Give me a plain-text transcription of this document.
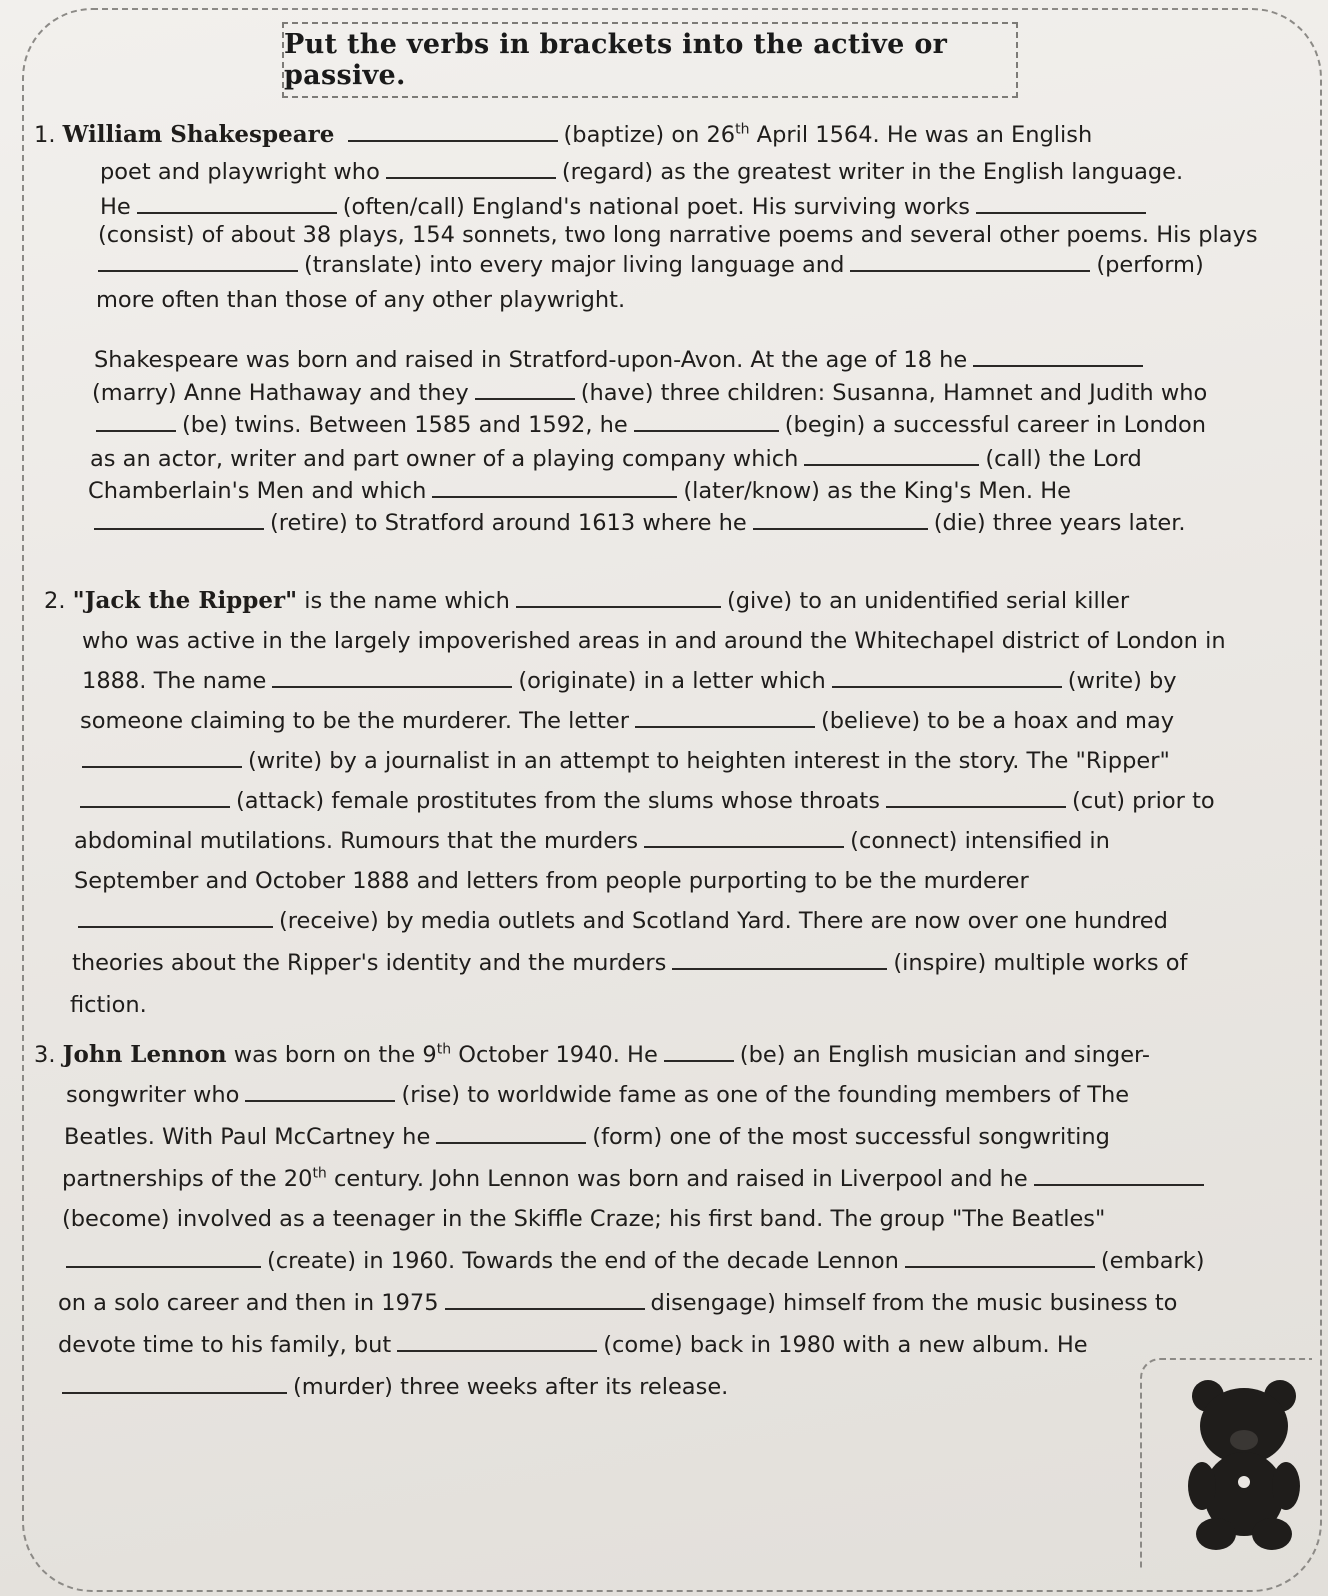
Put the verbs in brackets into the active or passive.
1. William Shakespeare	(baptize) on 26th April 1564. He was an English
poet and playwright who	(regard) as the greatest writer in the English language.
He	(often/call) England's national poet. His surviving works
(consist) of about 38 plays, 154 sonnets, two long narrative poems and several other poems. His plays
(translate) into every major living language and	(perform)
more often than those of any other playwright.
Shakespeare was born and raised in Stratford-upon-Avon. At the age of 18 he
(marry) Anne Hathaway and they	(have) three children: Susanna, Hamnet and Judith who
(be) twins. Between 1585 and 1592, he	(begin) a successful career in London
as an actor, writer and part owner of a playing company which	(call) the Lord
Chamberlain's Men and which	(later/know) as the King's Men. He
(retire) to Stratford around 1613 where he	(die) three years later.
2. "Jack the Ripper" is the name which	(give) to an unidentified serial killer
who was active in the largely impoverished areas in and around the Whitechapel district of London in
1888. The name	(originate) in a letter which	(write) by
someone claiming to be the murderer. The letter	(believe) to be a hoax and may
(write) by a journalist in an attempt to heighten interest in the story. The "Ripper"
(attack) female prostitutes from the slums whose throats	(cut) prior to
abdominal mutilations. Rumours that the murders	(connect) intensified in
September and October 1888 and letters from people purporting to be the murderer
(receive) by media outlets and Scotland Yard. There are now over one hundred
theories about the Ripper's identity and the murders	(inspire) multiple works of
fiction.
3. John Lennon was born on the 9th October 1940. He	(be) an English musician and singer-
songwriter who	(rise) to worldwide fame as one of the founding members of The
Beatles. With Paul McCartney he	(form) one of the most successful songwriting
partnerships of the 20th century. John Lennon was born and raised in Liverpool and he
(become) involved as a teenager in the Skiffle Craze; his first band. The group "The Beatles"
(create) in 1960. Towards the end of the decade Lennon	(embark)
on a solo career and then in 1975	disengage) himself from the music business to
devote time to his family, but	(come) back in 1980 with a new album. He
(murder) three weeks after its release.
